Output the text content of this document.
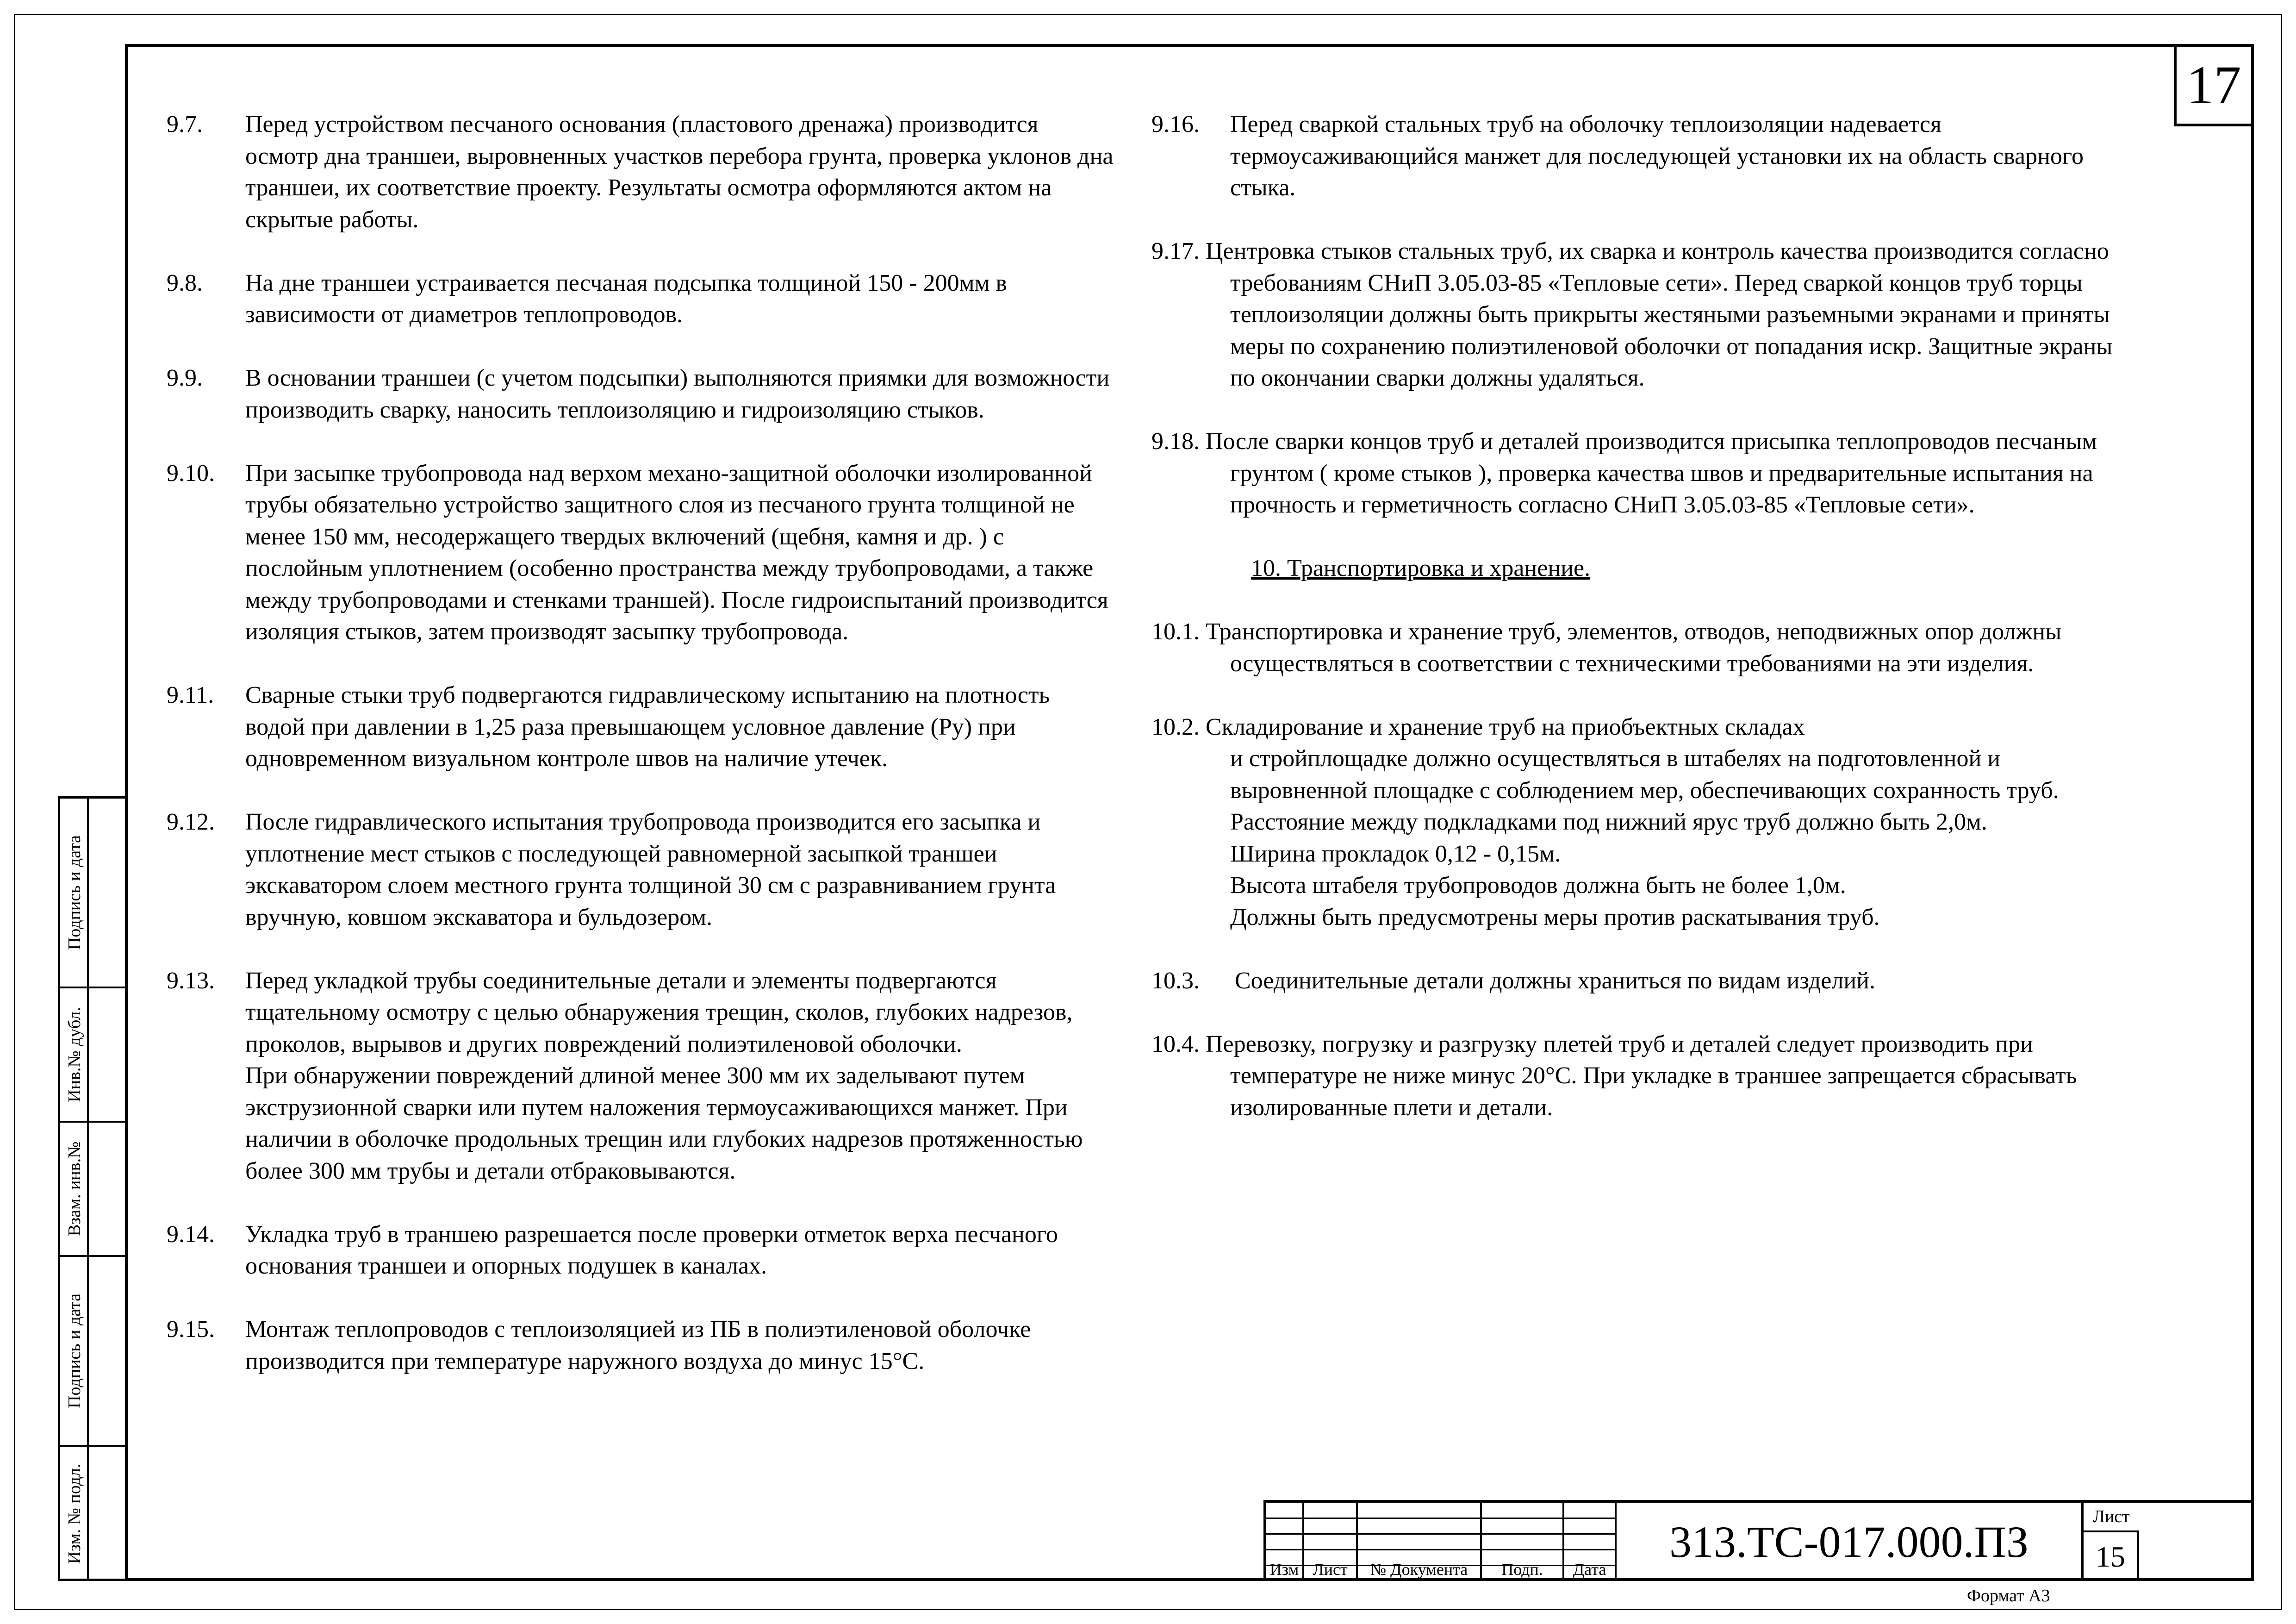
17
Подпись и дата
Инв.№ дубл.
Взам. инв.№
Подпись и дата
Изм. № подл.
9.7. Перед устройством песчаного основания (пластового дренажа) производится осмотр дна траншеи, выровненных участков перебора грунта, проверка уклонов дна траншеи, их соответствие проекту. Результаты осмотра оформляются актом на скрытые работы.
9.8. На дне траншеи устраивается песчаная подсыпка толщиной 150 - 200мм в зависимости от диаметров теплопроводов.
9.9. В основании траншеи (с учетом подсыпки) выполняются приямки для возможности производить сварку, наносить теплоизоляцию и гидроизоляцию стыков.
9.10. При засыпке трубопровода над верхом механо-защитной оболочки изолированной трубы обязательно устройство защитного слоя из песчаного грунта толщиной не менее 150 мм, несодержащего твердых включений (щебня, камня и др. ) с послойным уплотнением (особенно пространства между трубопроводами, а также между трубопроводами и стенками траншей). После гидроиспытаний производится изоляция стыков, затем производят засыпку трубопровода.
9.11. Сварные стыки труб подвергаются гидравлическому испытанию на плотность водой при давлении в 1,25 раза превышающем условное давление (Ру) при одновременном визуальном контроле швов на наличие утечек.
9.12. После гидравлического испытания трубопровода производится его засыпка и уплотнение мест стыков с последующей равномерной засыпкой траншеи экскаватором слоем местного грунта толщиной 30 см с разравниванием грунта вручную, ковшом экскаватора и бульдозером.
9.13. Перед укладкой трубы соединительные детали и элементы подвергаются тщательному осмотру с целью обнаружения трещин, сколов, глубоких надрезов, проколов, вырывов и других повреждений полиэтиленовой оболочки.
При обнаружении повреждений длиной менее 300 мм их заделывают путем экструзионной сварки или путем наложения термоусаживающихся манжет. При наличии в оболочке продольных трещин или глубоких надрезов протяженностью более 300 мм трубы и детали отбраковываются.
9.14. Укладка труб в траншею разрешается после проверки отметок верха песчаного основания траншеи и опорных подушек в каналах.
9.15. Монтаж теплопроводов с теплоизоляцией из ПБ в полиэтиленовой оболочке производится при температуре наружного воздуха до минус 15°С.
9.16. Перед сваркой стальных труб на оболочку теплоизоляции надевается термоусаживающийся манжет для последующей установки их на область сварного стыка.
9.17. Центровка стыков стальных труб, их сварка и контроль качества производится согласно требованиям СНиП 3.05.03-85 «Тепловые сети». Перед сваркой концов труб торцы теплоизоляции должны быть прикрыты жестяными разъемными экранами и приняты меры по сохранению полиэтиленовой оболочки от попадания искр. Защитные экраны по окончании сварки должны удаляться.
9.18. После сварки концов труб и деталей производится присыпка теплопроводов песчаным грунтом ( кроме стыков ), проверка качества швов и предварительные испытания на прочность и герметичность согласно СНиП 3.05.03-85 «Тепловые сети».
10. Транспортировка и хранение.
10.1. Транспортировка и хранение труб, элементов, отводов, неподвижных опор должны осуществляться в соответствии с техническими требованиями на эти изделия.
10.2. Складирование и хранение труб на приобъектных складах
и стройплощадке должно осуществляться в штабелях на подготовленной и выровненной площадке с соблюдением мер, обеспечивающих сохранность труб.
Расстояние между подкладками под нижний ярус труб должно быть 2,0м.
Ширина прокладок 0,12 - 0,15м.
Высота штабеля трубопроводов должна быть не более 1,0м.
Должны быть предусмотрены меры против раскатывания труб.
10.3. Соединительные детали должны храниться по видам изделий.
10.4. Перевозку, погрузку и разгрузку плетей труб и деталей следует производить при температуре не ниже минус 20°С. При укладке в траншее запрещается сбрасывать изолированные плети и детали.
Изм Лист	№ Документа	Подп.	Дата
313.ТС-017.000.ПЗ
Лист
15
Формат А3
